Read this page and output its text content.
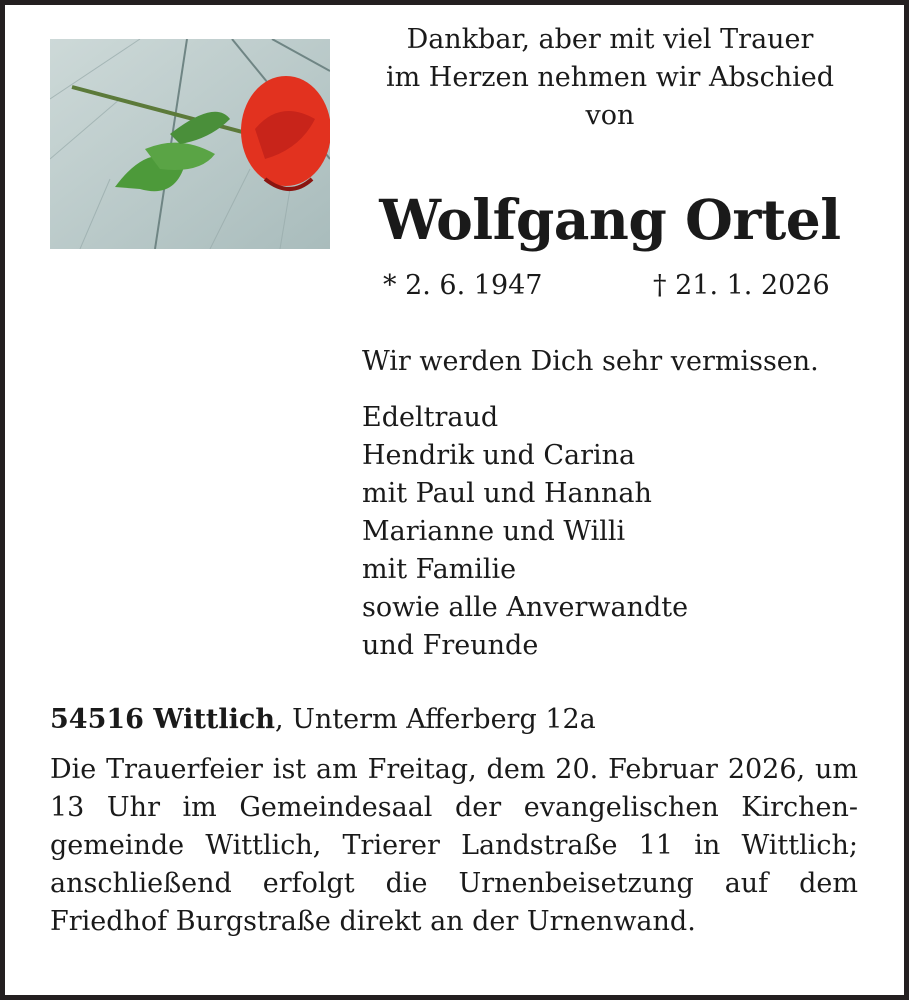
Dankbar, aber mit viel Trauer
im Herzen nehmen wir Abschied
von
Wolfgang Ortel
* 2. 6. 1947	† 21. 1. 2026
Wir werden Dich sehr vermissen.
Edeltraud
Hendrik und Carina
mit Paul und Hannah
Marianne und Willi
mit Familie
sowie alle Anverwandte
und Freunde
54516 Wittlich, Unterm Afferberg 12a
Die Trauerfeier ist am Freitag, dem 20. Februar 2026, um 13 Uhr im Gemeindesaal der evangelischen Kirchen-gemeinde Wittlich, Trierer Landstraße 11 in Wittlich; anschließend erfolgt die Urnenbeisetzung auf dem Friedhof Burgstraße direkt an der Urnenwand.
